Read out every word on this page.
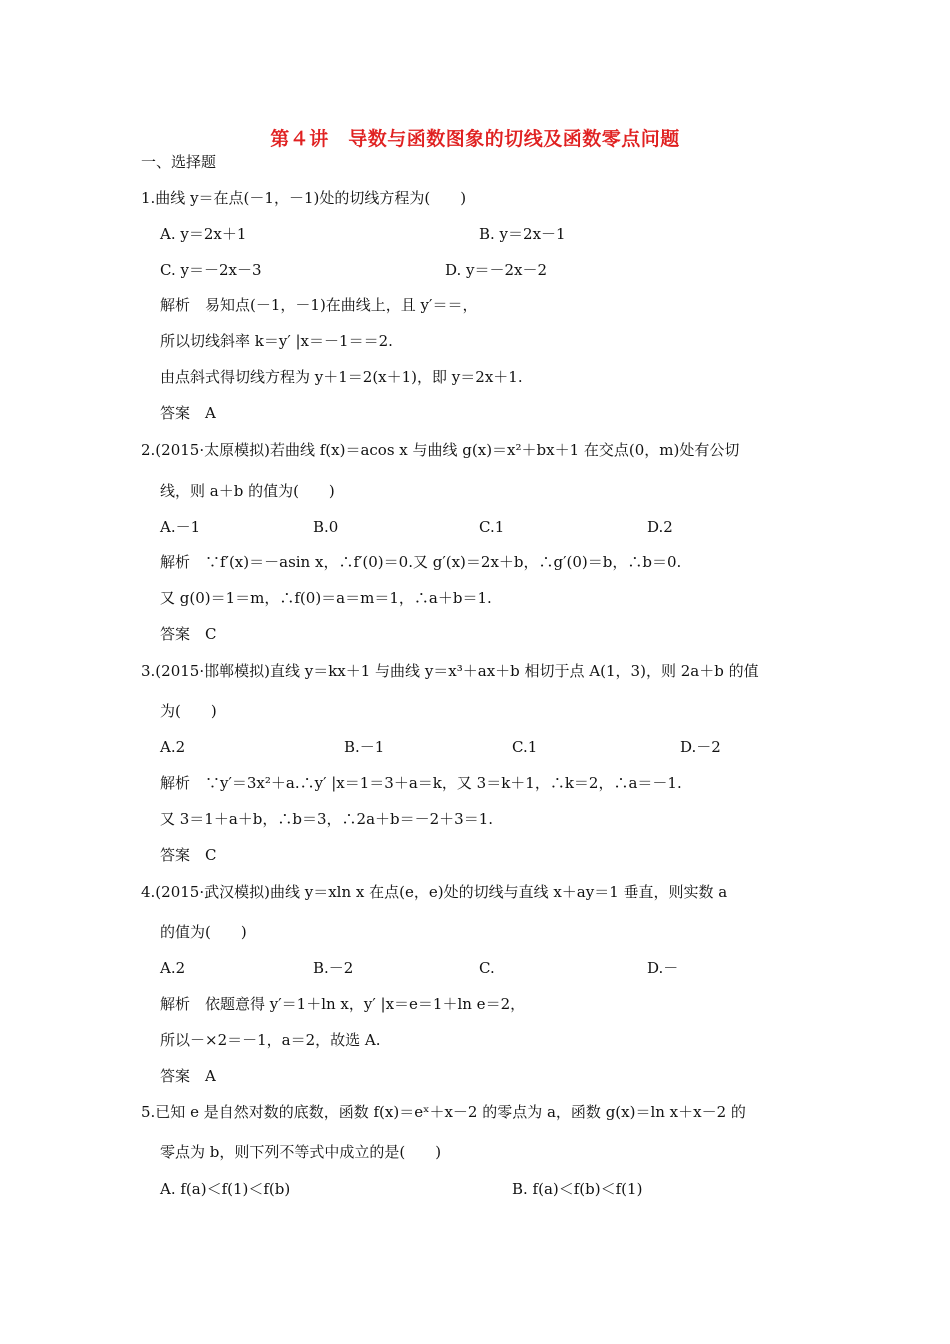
第４讲　导数与函数图象的切线及函数零点问题
一、选择题
1.曲线 y＝在点(－1，－1)处的切线方程为(　　)
A. y＝2x＋1	B. y＝2x－1
C. y＝－2x－3	D. y＝－2x－2
解析　易知点(－1，－1)在曲线上，且 y′＝＝，
所以切线斜率 k＝y′ |x＝－1＝＝2.
由点斜式得切线方程为 y＋1＝2(x＋1)，即 y＝2x＋1.
答案　A
2.(2015·太原模拟)若曲线 f(x)＝acos x 与曲线 g(x)＝x²＋bx＋1 在交点(0，m)处有公切
线，则 a＋b 的值为(　　)
A.－1	B.0	C.1	D.2
解析　∵f′(x)＝－asin x，∴f′(0)＝0.又 g′(x)＝2x＋b，∴g′(0)＝b，∴b＝0.
又 g(0)＝1＝m，∴f(0)＝a＝m＝1，∴a＋b＝1.
答案　C
3.(2015·邯郸模拟)直线 y＝kx＋1 与曲线 y＝x³＋ax＋b 相切于点 A(1，3)，则 2a＋b 的值
为(　　)
A.2	B.－1	C.1	D.－2
解析　∵y′＝3x²＋a.∴y′ |x＝1＝3＋a＝k，又 3＝k＋1，∴k＝2，∴a＝－1.
又 3＝1＋a＋b，∴b＝3，∴2a＋b＝－2＋3＝1.
答案　C
4.(2015·武汉模拟)曲线 y＝xln x 在点(e，e)处的切线与直线 x＋ay＝1 垂直，则实数 a
的值为(　　)
A.2	B.－2	C.	D.－
解析　依题意得 y′＝1＋ln x，y′ |x＝e＝1＋ln e＝2，
所以－×2＝－1，a＝2，故选 A.
答案　A
5.已知 e 是自然对数的底数，函数 f(x)＝eˣ＋x－2 的零点为 a，函数 g(x)＝ln x＋x－2 的
零点为 b，则下列不等式中成立的是(　　)
A. f(a)＜f(1)＜f(b)	B. f(a)＜f(b)＜f(1)
